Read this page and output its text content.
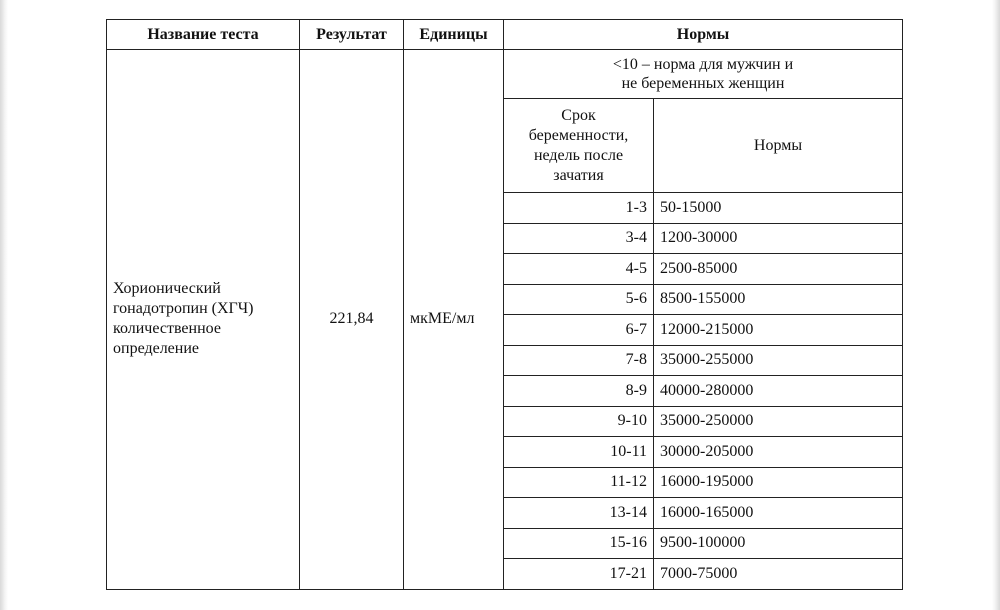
Название теста	Результат	Единицы	Нормы	
Хорионический
гонадотропин (ХГЧ)
количественное
определение	221,84	мкМЕ/мл	<10 – норма для мужчин и
не беременных женщин	
			Срок
беременности,
недель после
зачатия	Нормы
			1-3	50-15000
			3-4	1200-30000
			4-5	2500-85000
			5-6	8500-155000
			6-7	12000-215000
			7-8	35000-255000
			8-9	40000-280000
			9-10	35000-250000
			10-11	30000-205000
			11-12	16000-195000
			13-14	16000-165000
			15-16	9500-100000
			17-21	7000-75000
